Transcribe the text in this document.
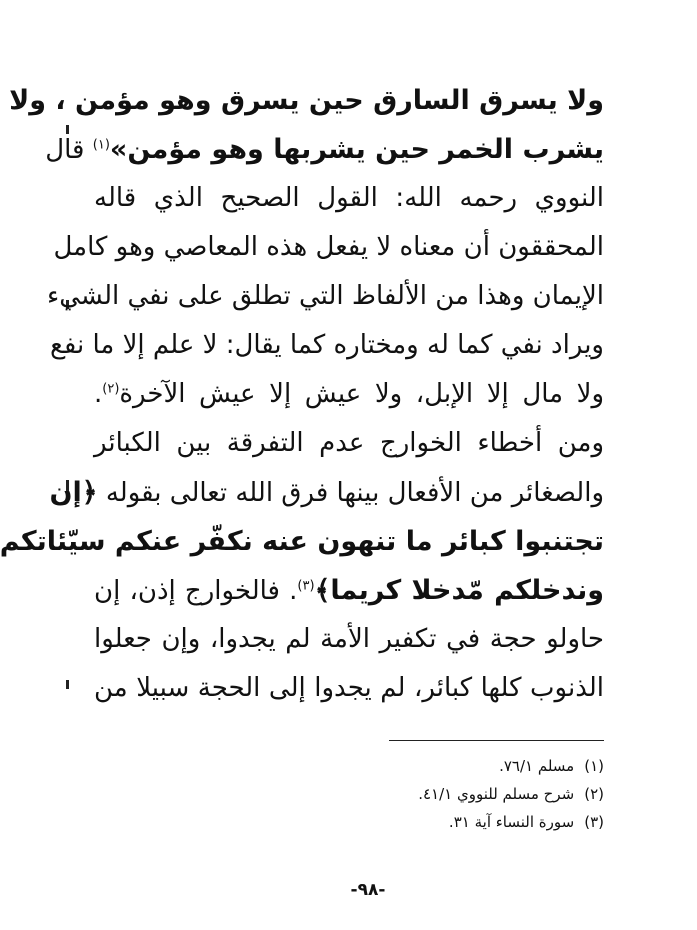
ولا يسرق السارق حين يسرق وهو مؤمن ، ولا
يشرب الخمر حين يشربها وهو مؤمن»$^{(١)}$ قال
النووي رحمه الله: القول الصحيح الذي قاله
المحققون أن معناه لا يفعل هذه المعاصي وهو كامل
الإيمان وهذا من الألفاظ التي تطلق على نفي الشيء
ويراد نفي كما له ومختاره كما يقال: لا علم إلا ما نفع
ولا مال إلا الإبل، ولا عيش إلا عيش الآخرة$^{(٢)}$.
ومن أخطاء الخوارج عدم التفرقة بين الكبائر
والصغائر من الأفعال بينها فرق الله تعالى بقوله ﴿إن
تجتنبوا كبائر ما تنهون عنه نكفّر عنكم سيّئاتكم
وندخلكم مّدخلا كريما﴾$^{(٣)}$. فالخوارج إذن، إن
حاولو حجة في تكفير الأمة لم يجدوا، وإن جعلوا
الذنوب كلها كبائر، لم يجدوا إلى الحجة سبيلا من
(١)مسلم ٧٦/١.
(٢)شرح مسلم للنووي ٤١/١.
(٣)سورة النساء آية ٣١.
-٩٨-
